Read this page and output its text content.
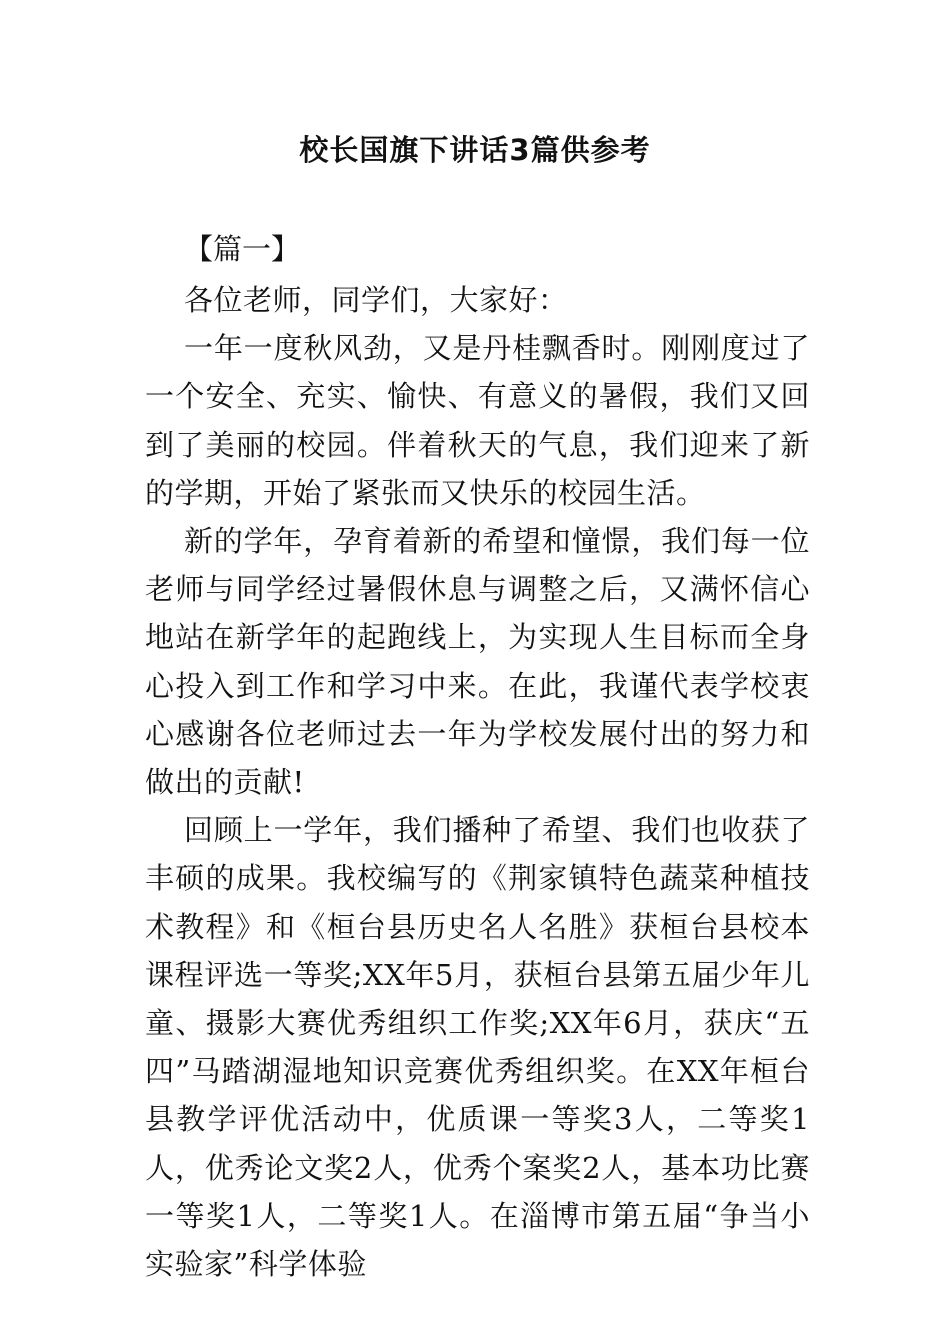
校长国旗下讲话3篇供参考
【篇一】

各位老师，同学们，大家好：

一年一度秋风劲，又是丹桂飘香时。刚刚度过了一个安全、充实、愉快、有意义的暑假，我们又回到了美丽的校园。伴着秋天的气息，我们迎来了新的学期，开始了紧张而又快乐的校园生活。

新的学年，孕育着新的希望和憧憬，我们每一位老师与同学经过暑假休息与调整之后，又满怀信心地站在新学年的起跑线上，为实现人生目标而全身心投入到工作和学习中来。在此，我谨代表学校衷心感谢各位老师过去一年为学校发展付出的努力和做出的贡献!

回顾上一学年，我们播种了希望、我们也收获了丰硕的成果。我校编写的《荆家镇特色蔬菜种植技术教程》和《桓台县历史名人名胜》获桓台县校本课程评选一等奖;XX年5月，获桓台县第五届少年儿童、摄影大赛优秀组织工作奖;XX年6月，获庆“五四”马踏湖湿地知识竞赛优秀组织奖。在XX年桓台县教学评优活动中，优质课一等奖3人，二等奖1人，优秀论文奖2人，优秀个案奖2人，基本功比赛一等奖1人，二等奖1人。在淄博市第五届“争当小实验家”科学体验
